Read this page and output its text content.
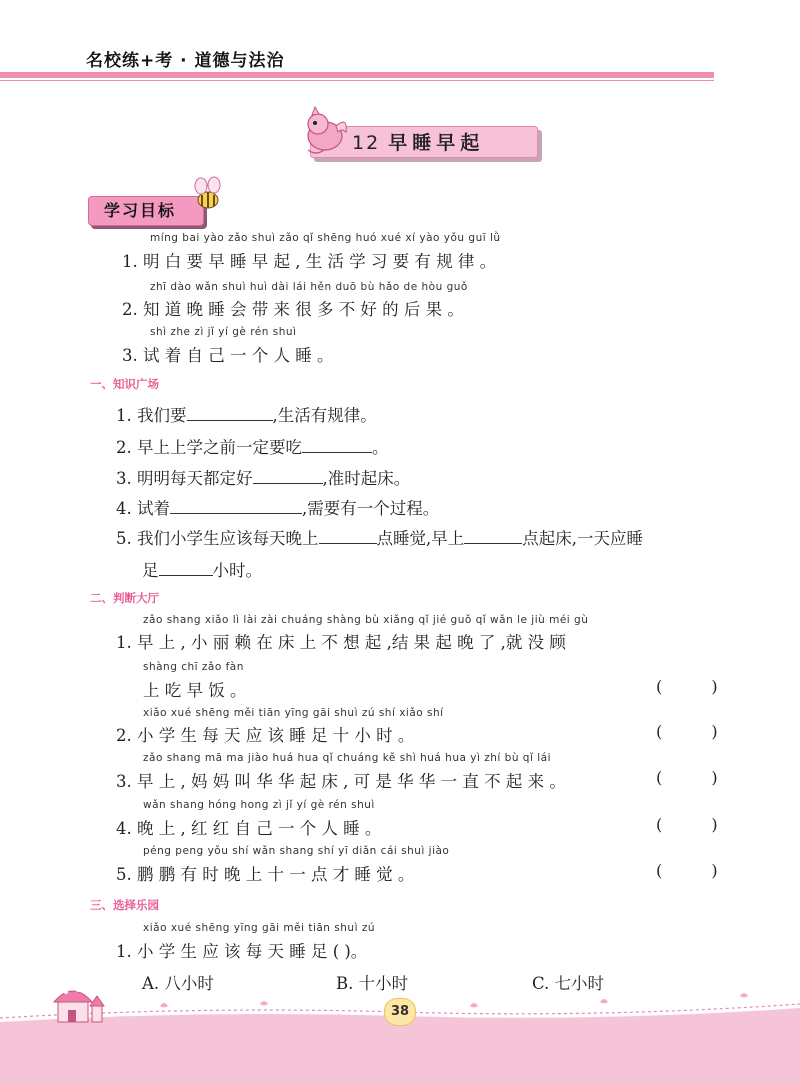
名校练+考 · 道德与法治
12 早睡早起
学习目标
míng bai yào zǎo shuì zǎo qǐ shēng huó xué xí yào yǒu guī lǜ
1. 明 白 要 早 睡 早 起 , 生 活 学 习 要 有 规 律 。
zhī dào wǎn shuì huì dài lái hěn duō bù hǎo de hòu guǒ
2. 知 道 晚 睡 会 带 来 很 多 不 好 的 后 果 。
shì zhe zì jǐ yí gè rén shuì
3. 试 着 自 己 一 个 人 睡 。
一、知识广场
1. 我们要	,生活有规律。
2. 早上上学之前一定要吃	。
3. 明明每天都定好	,准时起床。
4. 试着	,需要有一个过程。
5. 我们小学生应该每天晚上	点睡觉,早上	点起床,一天应睡
足	小时。
二、判断大厅
zǎo shang xiǎo lì lài zài chuáng shàng bù xiǎng qǐ jié guǒ qǐ wǎn le jiù méi gù
1. 早 上 , 小 丽 赖 在 床 上 不 想 起 ,结 果 起 晚 了 ,就 没 顾
shàng chī zǎo fàn
上 吃 早 饭 。	( )
xiǎo xué shēng měi tiān yīng gāi shuì zú shí xiǎo shí
2. 小 学 生 每 天 应 该 睡 足 十 小 时 。	( )
zǎo shang mā ma jiào huá hua qǐ chuáng kě shì huá hua yì zhí bù qǐ lái
3. 早 上 , 妈 妈 叫 华 华 起 床 , 可 是 华 华 一 直 不 起 来 。	( )
wǎn shang hóng hong zì jǐ yí gè rén shuì
4. 晚 上 , 红 红 自 己 一 个 人 睡 。	( )
péng peng yǒu shí wǎn shang shí yī diǎn cái shuì jiào
5. 鹏 鹏 有 时 晚 上 十 一 点 才 睡 觉 。	( )
三、选择乐园
xiǎo xué shēng yīng gāi měi tiān shuì zú
1. 小 学 生 应 该 每 天 睡 足 ( )。
A. 八小时	B. 十小时	C. 七小时
38
